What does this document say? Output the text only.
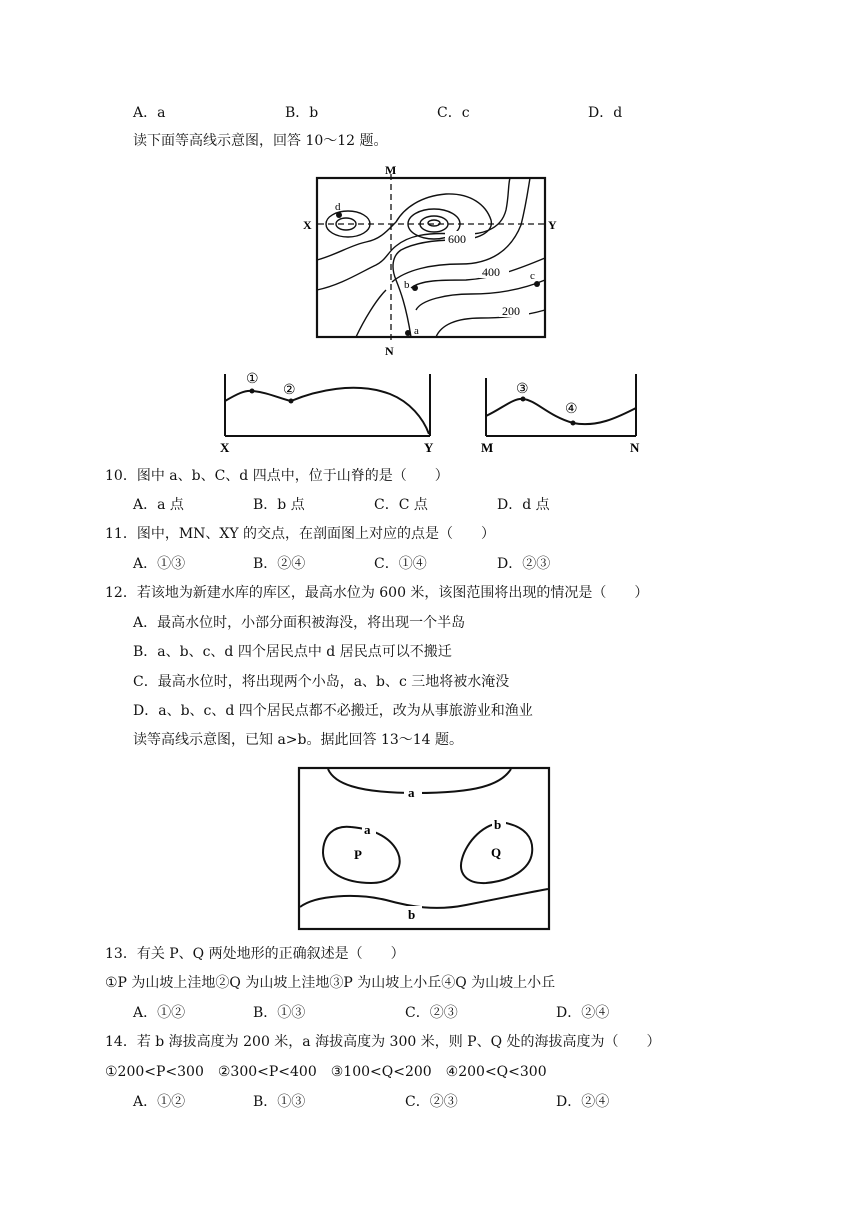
A．a	B．b	C．c	D．d
读下面等高线示意图，回答 10～12 题。
M
N
X	Y
600
400
200
d
b
c
a
①
②
X	Y
③
④
M	N
10．图中 a、b、C、d 四点中，位于山脊的是（　　）
A．a 点	B．b 点	C．C 点	D．d 点
11．图中，MN、XY 的交点，在剖面图上对应的点是（　　）
A．①③	B．②④	C．①④	D．②③
12．若该地为新建水库的库区，最高水位为 600 米，该图范围将出现的情况是（　　）
A．最高水位时，小部分面积被海没，将出现一个半岛
B．a、b、c、d 四个居民点中 d 居民点可以不搬迁
C．最高水位时，将出现两个小岛，a、b、c 三地将被水淹没
D．a、b、c、d 四个居民点都不必搬迁，改为从事旅游业和渔业
读等高线示意图，已知 a>b。据此回答 13～14 题。
a
b
a
P
b
Q
13．有关 P、Q 两处地形的正确叙述是（　　）
①P 为山坡上洼地②Q 为山坡上洼地③P 为山坡上小丘④Q 为山坡上小丘
A．①②	B．①③	C．②③	D．②④
14．若 b 海拔高度为 200 米，a 海拔高度为 300 米，则 P、Q 处的海拔高度为（　　）
①200<P<300　②300<P<400　③100<Q<200　④200<Q<300
A．①②	B．①③	C．②③	D．②④
